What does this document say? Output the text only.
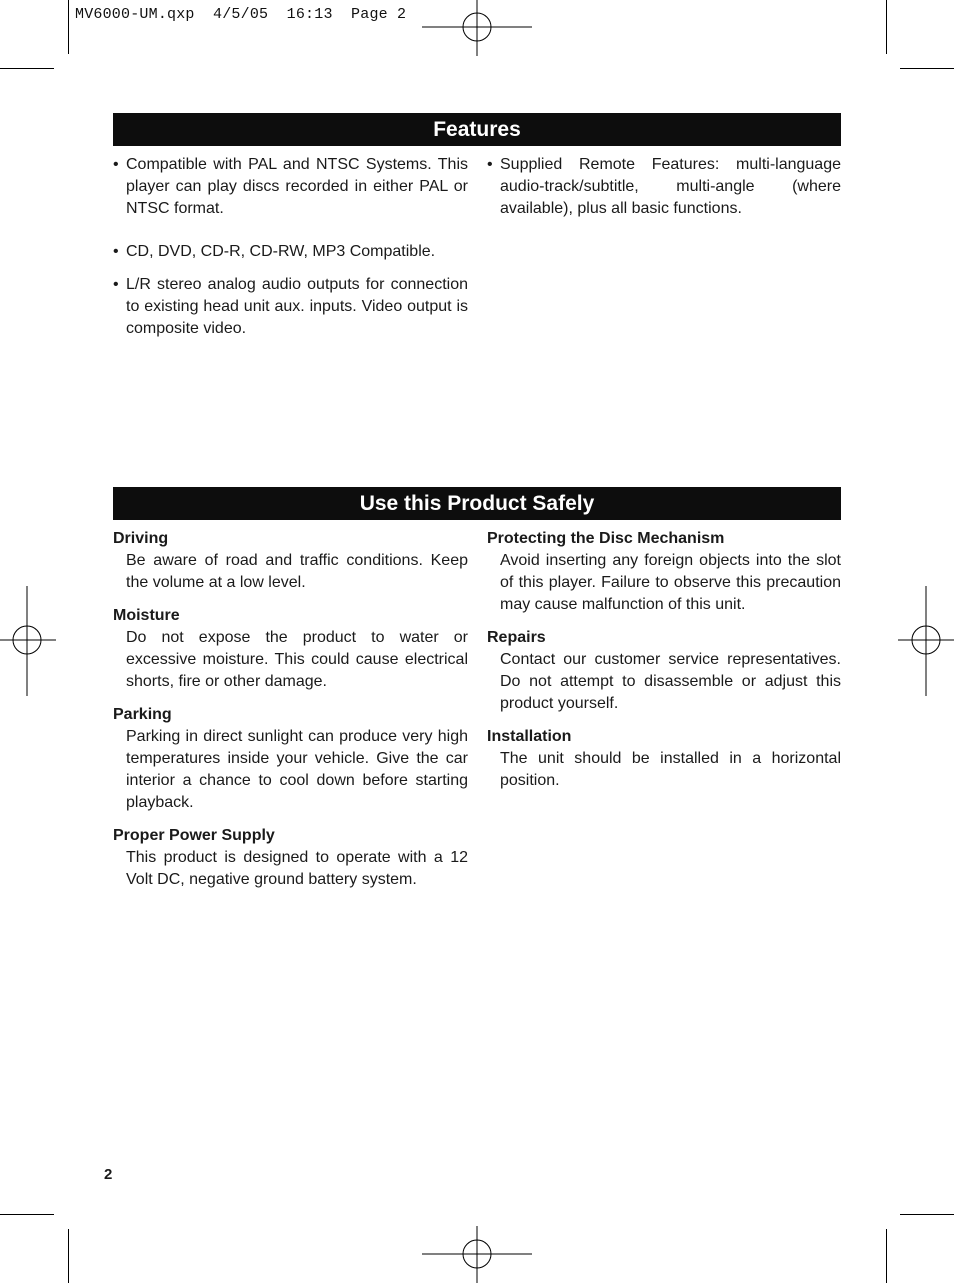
MV6000-UM.qxp  4/5/05  16:13  Page 2
Features

• Compatible with PAL and NTSC Systems. This player can play discs recorded in either PAL or NTSC format.

• CD, DVD, CD-R, CD-RW, MP3 Compatible.

• L/R stereo analog audio outputs for connection to existing head unit aux. inputs. Video output is composite video.

• Supplied Remote Features: multi-language audio-track/subtitle, multi-angle (where available), plus all basic functions.

Use this Product Safely

Driving

Be aware of road and traffic conditions. Keep the volume at a low level.

Moisture

Do not expose the product to water or excessive moisture. This could cause electrical shorts, fire or other damage.

Parking

Parking in direct sunlight can produce very high temperatures inside your vehicle. Give the car interior a chance to cool down before starting playback.

Proper Power Supply

This product is designed to operate with a 12 Volt DC, negative ground battery system.

Protecting the Disc Mechanism

Avoid inserting any foreign objects into the slot of this player. Failure to observe this precaution may cause malfunction of this unit.

Repairs

Contact our customer service representatives. Do not attempt to disassemble or adjust this product yourself.

Installation

The unit should be installed in a horizontal position.

2
